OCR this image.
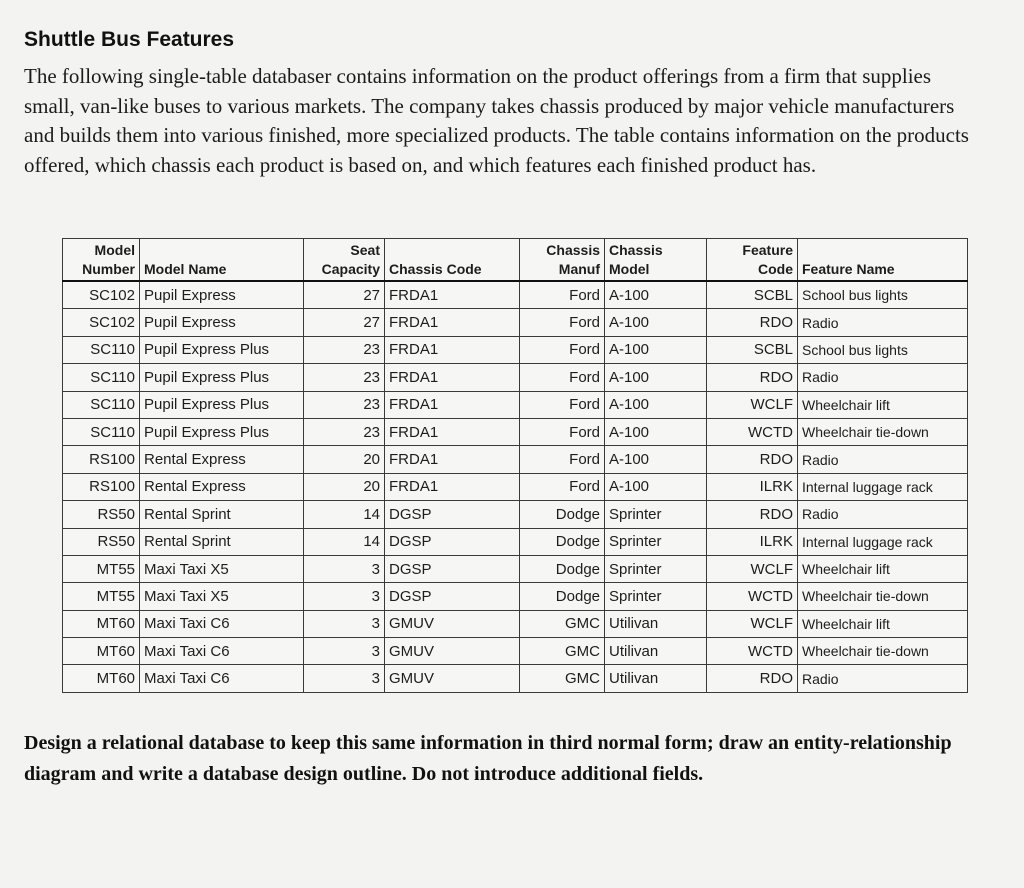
Shuttle Bus Features

The following single-table databaser contains information on the product offerings from a firm that supplies small, van-like buses to various markets. The company takes chassis produced by major vehicle manufacturers and builds them into various finished, more specialized products. The table contains information on the products offered, which chassis each product is based on, and which features each finished product has.

Model Number	Model Name	Seat Capacity	Chassis Code	Chassis Manuf	Chassis Model	Feature Code	Feature Name
SC102	Pupil Express	27	FRDA1	Ford	A-100	SCBL	School bus lights
SC102	Pupil Express	27	FRDA1	Ford	A-100	RDO	Radio
SC110	Pupil Express Plus	23	FRDA1	Ford	A-100	SCBL	School bus lights
SC110	Pupil Express Plus	23	FRDA1	Ford	A-100	RDO	Radio
SC110	Pupil Express Plus	23	FRDA1	Ford	A-100	WCLF	Wheelchair lift
SC110	Pupil Express Plus	23	FRDA1	Ford	A-100	WCTD	Wheelchair tie-down
RS100	Rental Express	20	FRDA1	Ford	A-100	RDO	Radio
RS100	Rental Express	20	FRDA1	Ford	A-100	ILRK	Internal luggage rack
RS50	Rental Sprint	14	DGSP	Dodge	Sprinter	RDO	Radio
RS50	Rental Sprint	14	DGSP	Dodge	Sprinter	ILRK	Internal luggage rack
MT55	Maxi Taxi X5	3	DGSP	Dodge	Sprinter	WCLF	Wheelchair lift
MT55	Maxi Taxi X5	3	DGSP	Dodge	Sprinter	WCTD	Wheelchair tie-down
MT60	Maxi Taxi C6	3	GMUV	GMC	Utilivan	WCLF	Wheelchair lift
MT60	Maxi Taxi C6	3	GMUV	GMC	Utilivan	WCTD	Wheelchair tie-down
MT60	Maxi Taxi C6	3	GMUV	GMC	Utilivan	RDO	Radio

Design a relational database to keep this same information in third normal form; draw an entity-relationship diagram and write a database design outline. Do not introduce additional fields.
